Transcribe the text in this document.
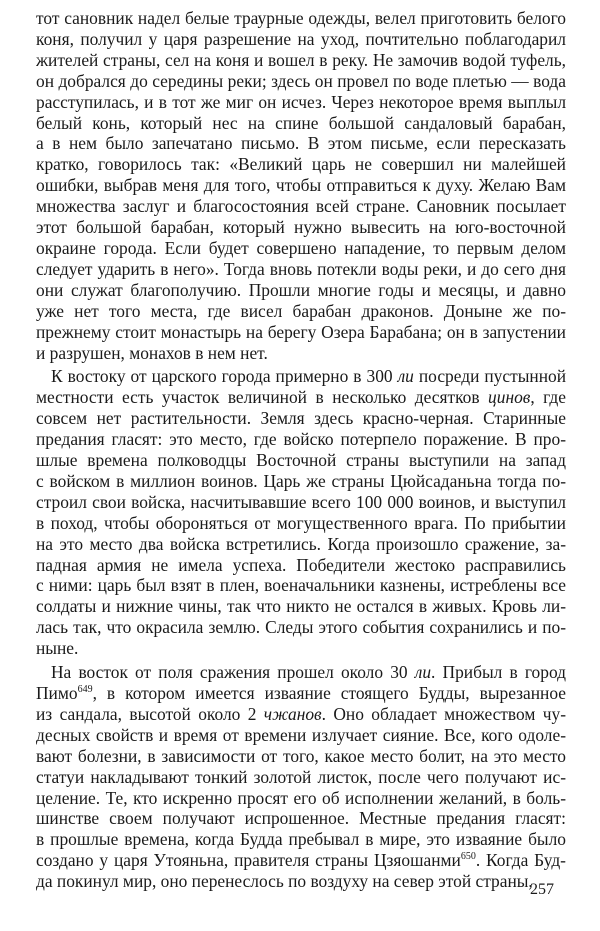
тот сановник надел белые траурные одежды, велел приготовить белого
коня, получил у царя разрешение на уход, почтительно поблагодарил
жителей страны, сел на коня и вошел в реку. Не замочив водой туфель,
он добрался до середины реки; здесь он провел по воде плетью — вода
расступилась, и в тот же миг он исчез. Через некоторое время выплыл
белый конь, который нес на спине большой сандаловый барабан,
а в нем было запечатано письмо. В этом письме, если пересказать
кратко, говорилось так: «Великий царь не совершил ни малейшей
ошибки, выбрав меня для того, чтобы отправиться к духу. Желаю Вам
множества заслуг и благосостояния всей стране. Сановник посылает
этот большой барабан, который нужно вывесить на юго-восточной
окраине города. Если будет совершено нападение, то первым делом
следует ударить в него». Тогда вновь потекли воды реки, и до сего дня
они служат благополучию. Прошли многие годы и месяцы, и давно
уже нет того места, где висел барабан драконов. Доныне же по-
прежнему стоит монастырь на берегу Озера Барабана; он в запустении
и разрушен, монахов в нем нет.

К востоку от царского города примерно в 300 ли посреди пустынной
местности есть участок величиной в несколько десятков цинов, где
совсем нет растительности. Земля здесь красно-черная. Старинные
предания гласят: это место, где войско потерпело поражение. В про-
шлые времена полководцы Восточной страны выступили на запад
с войском в миллион воинов. Царь же страны Цюйсаданьна тогда по-
строил свои войска, насчитывавшие всего 100 000 воинов, и выступил
в поход, чтобы обороняться от могущественного врага. По прибытии
на это место два войска встретились. Когда произошло сражение, за-
падная армия не имела успеха. Победители жестоко расправились
с ними: царь был взят в плен, военачальники казнены, истреблены все
солдаты и нижние чины, так что никто не остался в живых. Кровь ли-
лась так, что окрасила землю. Следы этого события сохранились и по-
ныне.

На восток от поля сражения прошел около 30 ли. Прибыл в город
Пимо$^{649}$, в котором имеется изваяние стоящего Будды, вырезанное
из сандала, высотой около 2 чжанов. Оно обладает множеством чу-
десных свойств и время от времени излучает сияние. Все, кого одоле-
вают болезни, в зависимости от того, какое место болит, на это место
статуи накладывают тонкий золотой листок, после чего получают ис-
целение. Те, кто искренно просят его об исполнении желаний, в боль-
шинстве своем получают испрошенное. Местные предания гласят:
в прошлые времена, когда Будда пребывал в мире, это изваяние было
создано у царя Утояньна, правителя страны Цзяошанми$^{650}$. Когда Буд-
да покинул мир, оно перенеслось по воздуху на север этой страны,

257
